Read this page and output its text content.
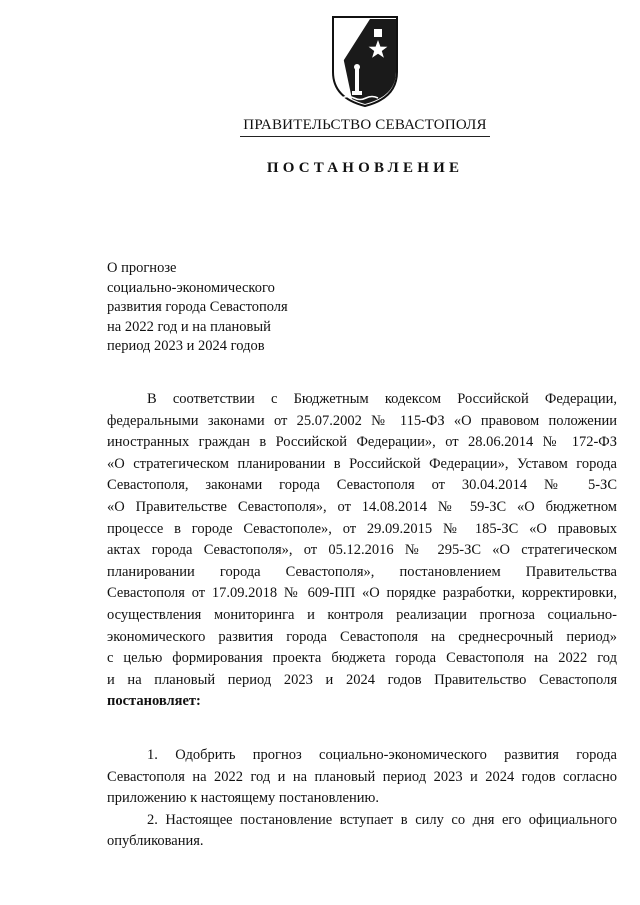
ПРАВИТЕЛЬСТВО СЕВАСТОПОЛЯ
ПОСТАНОВЛЕНИЕ
О прогнозе
социально-экономического
развития города Севастополя
на 2022 год и на плановый
период 2023 и 2024 годов
В соответствии с Бюджетным кодексом Российской Федерации,
федеральными законами от 25.07.2002 № 115-ФЗ «О правовом положении
иностранных граждан в Российской Федерации», от 28.06.2014 № 172-ФЗ
«О стратегическом планировании в Российской Федерации», Уставом города
Севастополя, законами города Севастополя от 30.04.2014 № 5-ЗС
«О Правительстве Севастополя», от 14.08.2014 № 59-ЗС «О бюджетном
процессе в городе Севастополе», от 29.09.2015 № 185-ЗС «О правовых
актах города Севастополя», от 05.12.2016 № 295-ЗС «О стратегическом
планировании города Севастополя», постановлением Правительства
Севастополя от 17.09.2018 № 609-ПП «О порядке разработки, корректировки,
осуществления мониторинга и контроля реализации прогноза социально-
экономического развития города Севастополя на среднесрочный период»
с целью формирования проекта бюджета города Севастополя на 2022 год
и на плановый период 2023 и 2024 годов Правительство Севастополя
постановляет:
1. Одобрить прогноз социально-экономического развития города
Севастополя на 2022 год и на плановый период 2023 и 2024 годов согласно
приложению к настоящему постановлению.
2. Настоящее постановление вступает в силу со дня его официального
опубликования.
